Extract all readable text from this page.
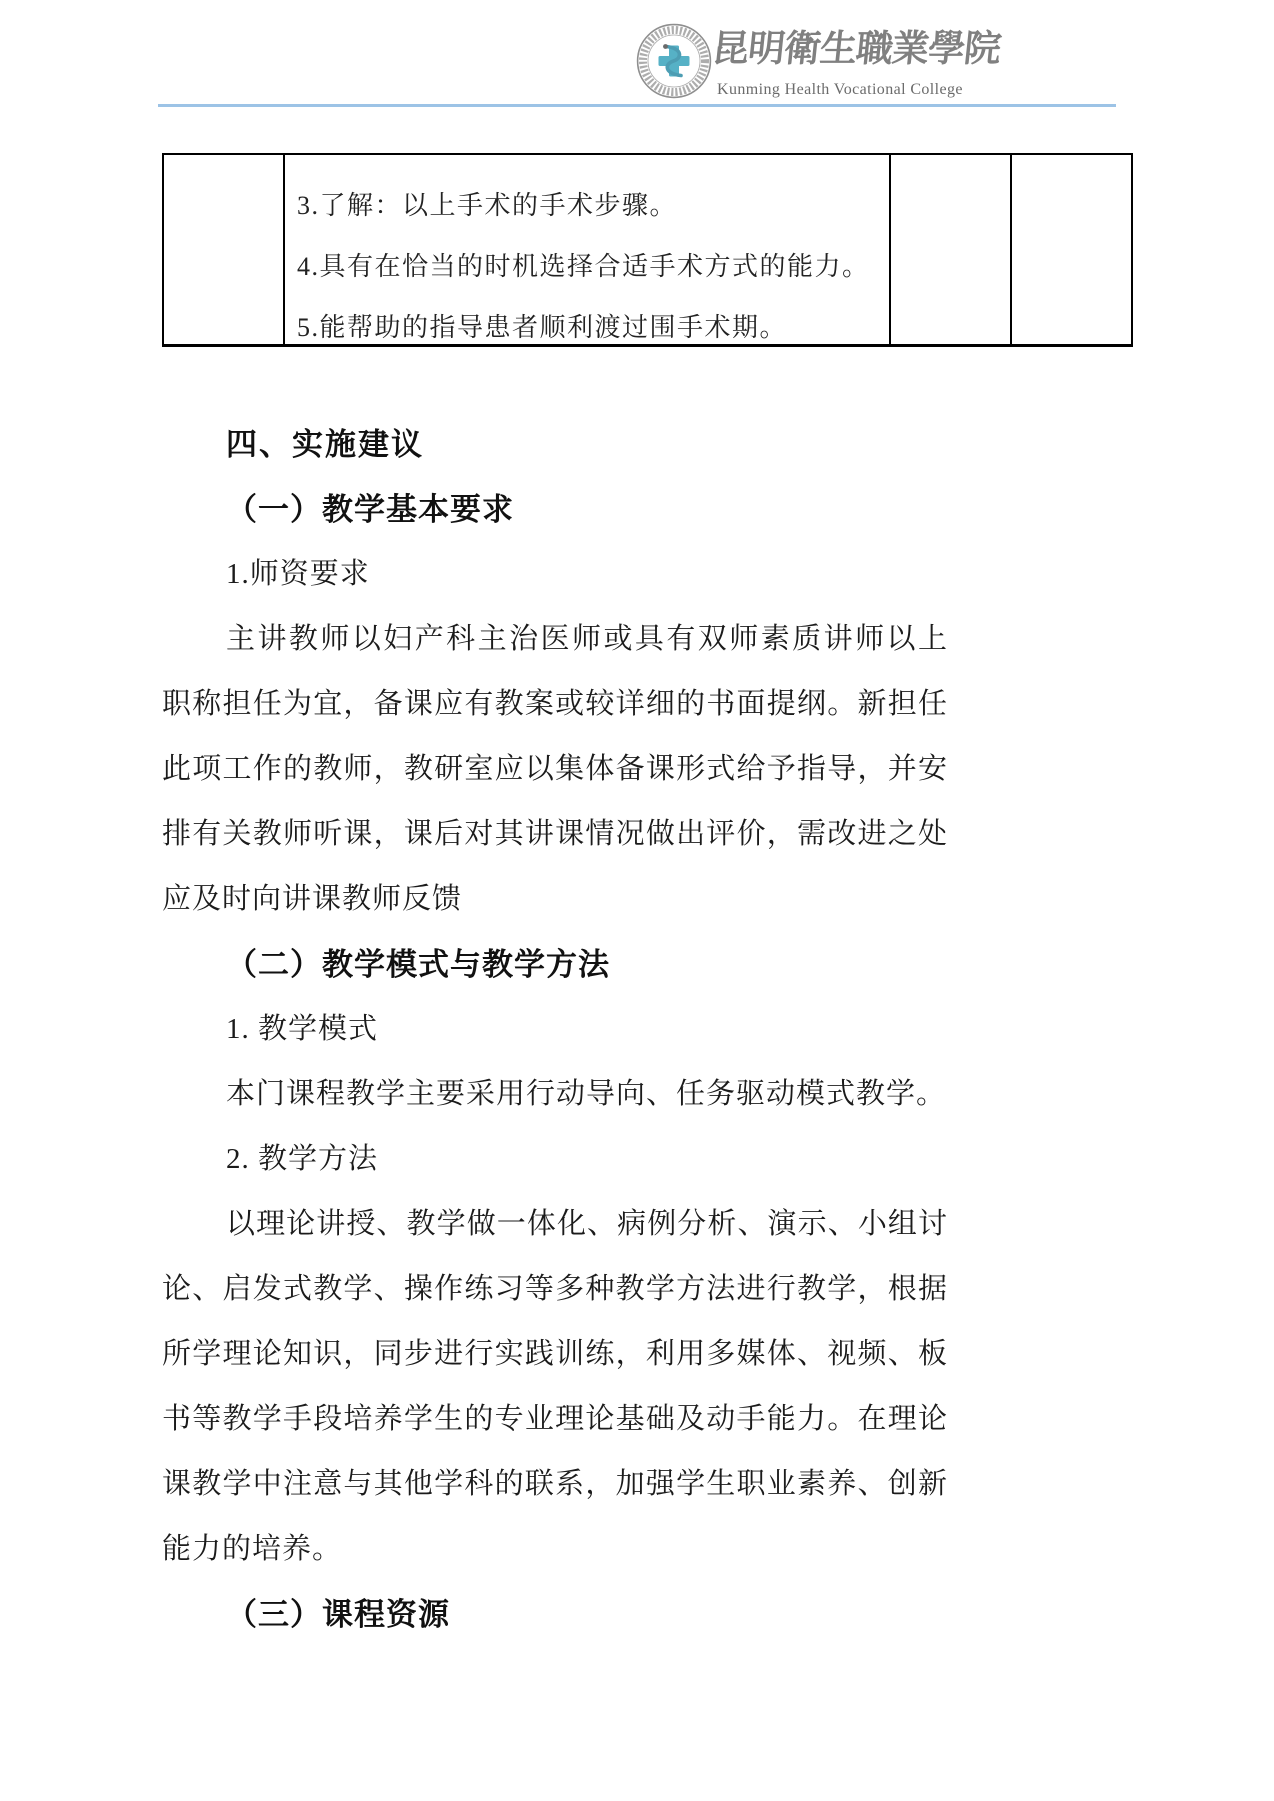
昆明衛生職業學院
Kunming Health Vocational College
3.了解：以上手术的手术步骤。
4.具有在恰当的时机选择合适手术方式的能力。
5.能帮助的指导患者顺利渡过围手术期。
四、实施建议
（一）教学基本要求
1.师资要求
主讲教师以妇产科主治医师或具有双师素质讲师以上
职称担任为宜，备课应有教案或较详细的书面提纲。新担任
此项工作的教师，教研室应以集体备课形式给予指导，并安
排有关教师听课，课后对其讲课情况做出评价，需改进之处
应及时向讲课教师反馈
（二）教学模式与教学方法
1. 教学模式
本门课程教学主要采用行动导向、任务驱动模式教学。
2. 教学方法
以理论讲授、教学做一体化、病例分析、演示、小组讨
论、启发式教学、操作练习等多种教学方法进行教学，根据
所学理论知识，同步进行实践训练，利用多媒体、视频、板
书等教学手段培养学生的专业理论基础及动手能力。在理论
课教学中注意与其他学科的联系，加强学生职业素养、创新
能力的培养。
（三）课程资源
